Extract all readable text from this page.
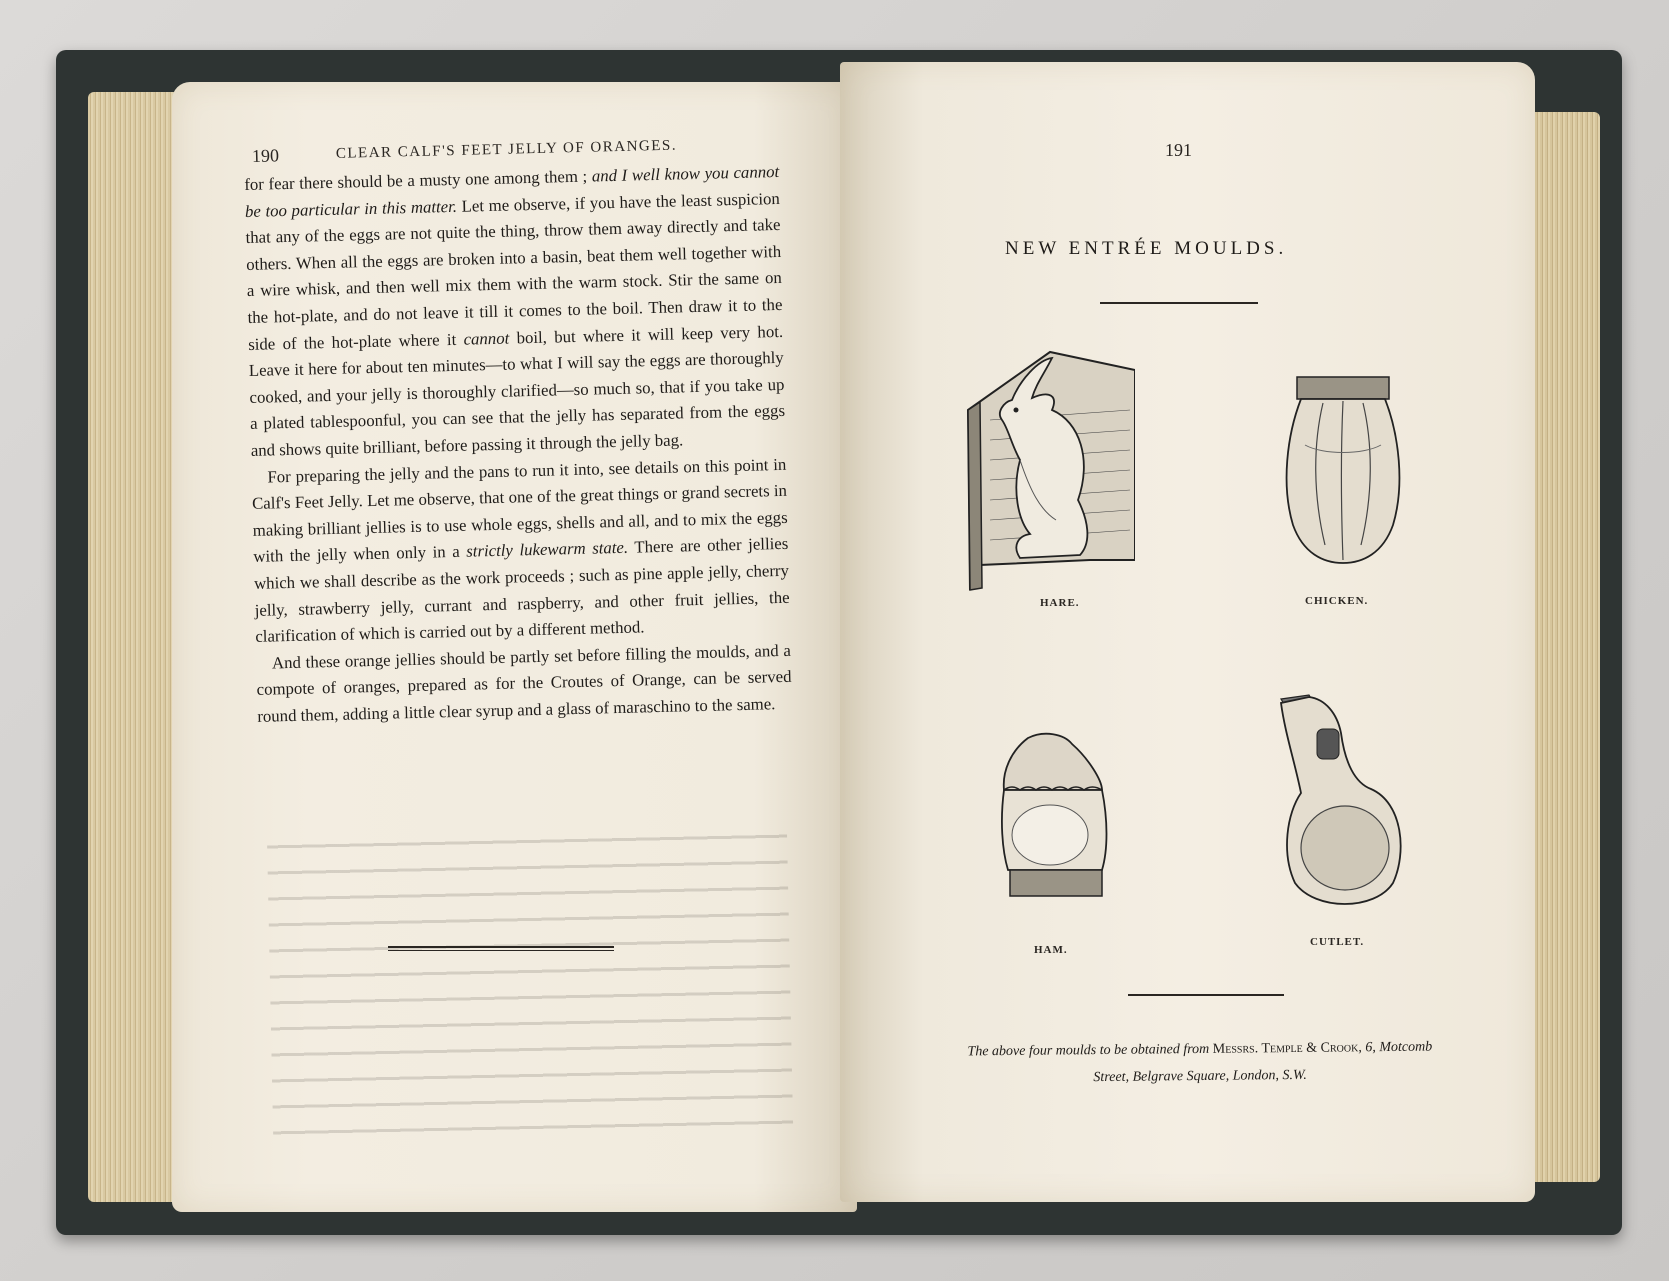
190	CLEAR CALF'S FEET JELLY OF ORANGES.

for fear there should be a musty one among them ; and I well know you cannot be too particular in this matter. Let me observe, if you have the least suspicion that any of the eggs are not quite the thing, throw them away directly and take others. When all the eggs are broken into a basin, beat them well together with a wire whisk, and then well mix them with the warm stock. Stir the same on the hot-plate, and do not leave it till it comes to the boil. Then draw it to the side of the hot-plate where it cannot boil, but where it will keep very hot. Leave it here for about ten minutes—to what I will say the eggs are thoroughly cooked, and your jelly is thoroughly clarified—so much so, that if you take up a plated tablespoonful, you can see that the jelly has separated from the eggs and shows quite brilliant, before passing it through the jelly bag.

For preparing the jelly and the pans to run it into, see details on this point in Calf's Feet Jelly. Let me observe, that one of the great things or grand secrets in making brilliant jellies is to use whole eggs, shells and all, and to mix the eggs with the jelly when only in a strictly lukewarm state. There are other jellies which we shall describe as the work proceeds ; such as pine apple jelly, cherry jelly, strawberry jelly, currant and raspberry, and other fruit jellies, the clarification of which is carried out by a different method.

And these orange jellies should be partly set before filling the moulds, and a compote of oranges, prepared as for the Croutes of Orange, can be served round them, adding a little clear syrup and a glass of maraschino to the same.

191
NEW ENTRÉE MOULDS.
HARE.	CHICKEN.
HAM.
CUTLET.
The above four moulds to be obtained from Messrs. Temple & Crook, 6, Motcomb
Street, Belgrave Square, London, S.W.
